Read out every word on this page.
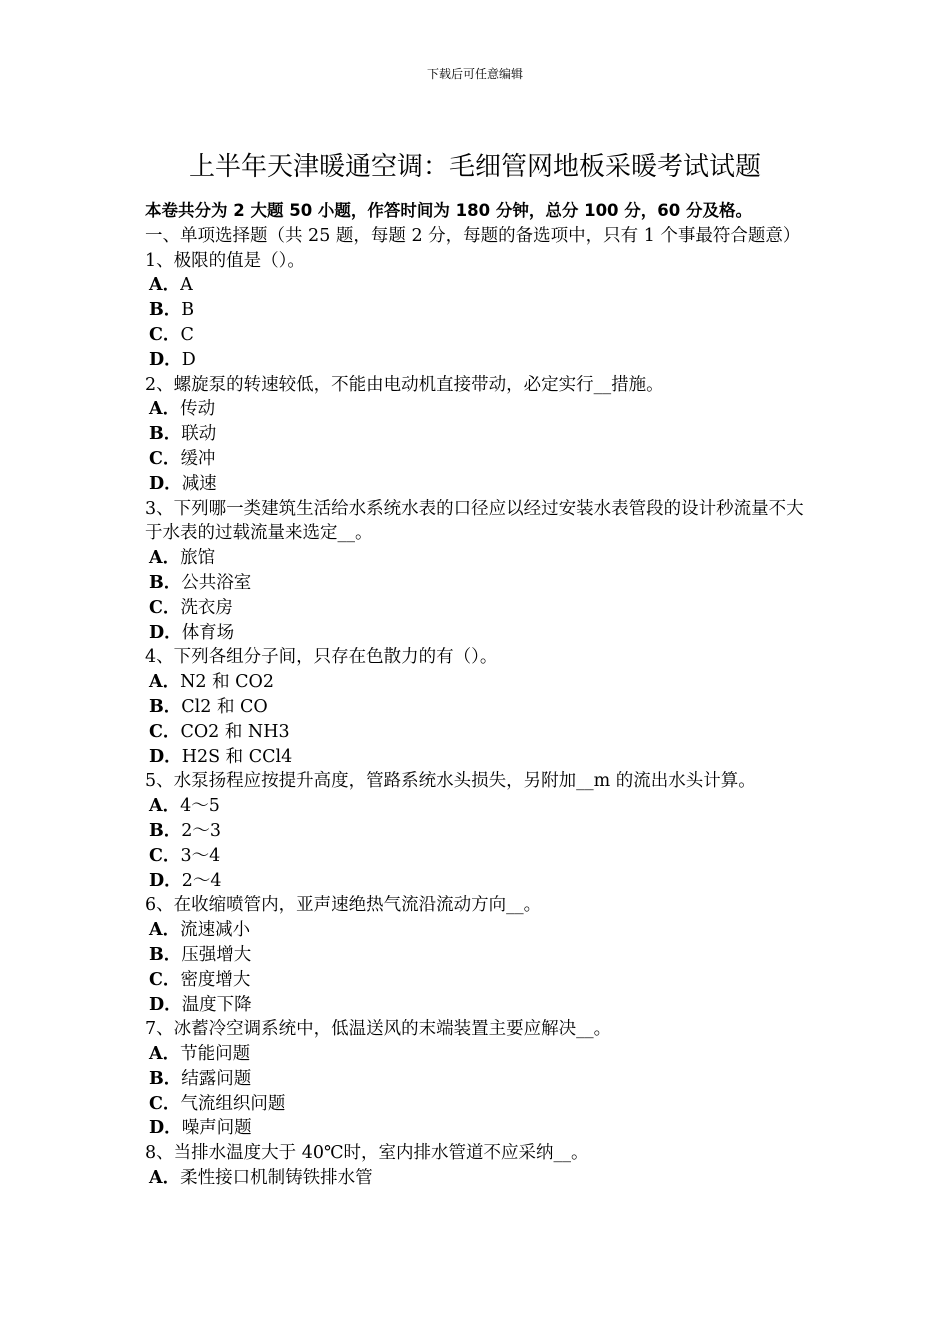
下载后可任意编辑
上半年天津暖通空调：毛细管网地板采暖考试试题
本卷共分为 2 大题 50 小题，作答时间为 180 分钟，总分 100 分，60 分及格。
一、单项选择题（共 25 题，每题 2 分，每题的备选项中，只有 1 个事最符合题意）
1、极限的值是（）。
A．A
B．B
C．C
D．D
2、螺旋泵的转速较低，不能由电动机直接带动，必定实行__措施。
A．传动
B．联动
C．缓冲
D．减速
3、下列哪一类建筑生活给水系统水表的口径应以经过安装水表管段的设计秒流量不大于水表的过载流量来选定__。
A．旅馆
B．公共浴室
C．洗衣房
D．体育场
4、下列各组分子间，只存在色散力的有（）。
A．N2 和 CO2
B．Cl2 和 CO
C．CO2 和 NH3
D．H2S 和 CCl4
5、水泵扬程应按提升高度，管路系统水头损失，另附加__m 的流出水头计算。
A．4～5
B．2～3
C．3～4
D．2～4
6、在收缩喷管内，亚声速绝热气流沿流动方向__。
A．流速减小
B．压强增大
C．密度增大
D．温度下降
7、冰蓄冷空调系统中，低温送风的末端装置主要应解决__。
A．节能问题
B．结露问题
C．气流组织问题
D．噪声问题
8、当排水温度大于 40℃时，室内排水管道不应采纳__。
A．柔性接口机制铸铁排水管
